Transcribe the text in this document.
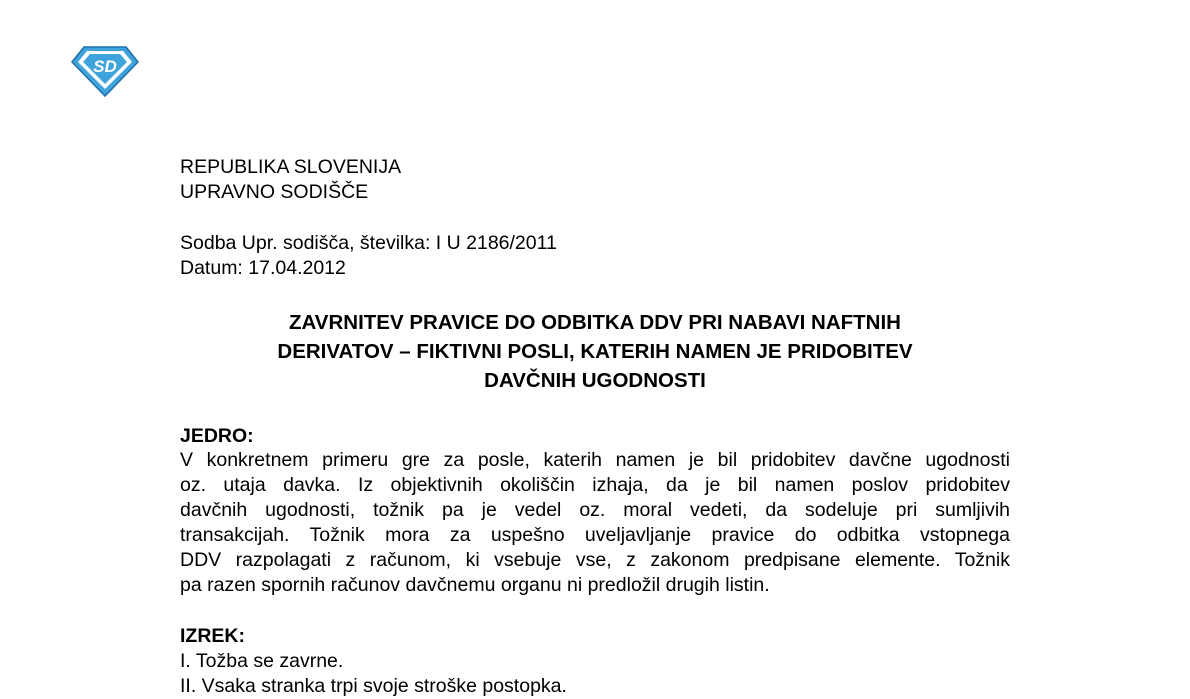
SD
REPUBLIKA SLOVENIJA
UPRAVNO SODIŠČE
Sodba Upr. sodišča, številka: I U 2186/2011
Datum: 17.04.2012
ZAVRNITEV PRAVICE DO ODBITKA DDV PRI NABAVI NAFTNIH
DERIVATOV – FIKTIVNI POSLI, KATERIH NAMEN JE PRIDOBITEV
DAVČNIH UGODNOSTI
JEDRO:
V konkretnem primeru gre za posle, katerih namen je bil pridobitev davčne ugodnosti
oz. utaja davka. Iz objektivnih okoliščin izhaja, da je bil namen poslov pridobitev
davčnih ugodnosti, tožnik pa je vedel oz. moral vedeti, da sodeluje pri sumljivih
transakcijah. Tožnik mora za uspešno uveljavljanje pravice do odbitka vstopnega
DDV razpolagati z računom, ki vsebuje vse, z zakonom predpisane elemente. Tožnik
pa razen spornih računov davčnemu organu ni predložil drugih listin.
IZREK:
I. Tožba se zavrne.
II. Vsaka stranka trpi svoje stroške postopka.
